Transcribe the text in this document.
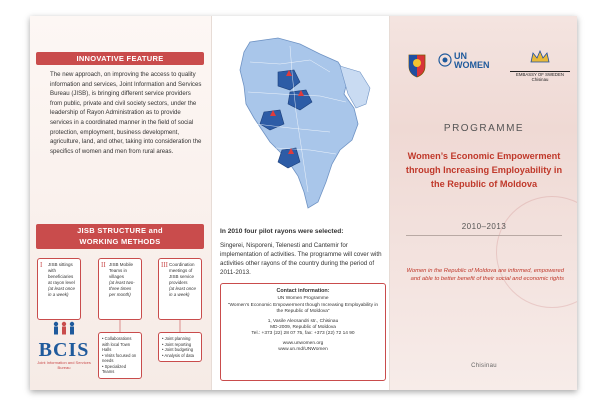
INNOVATIVE FEATURE
The new approach, on improving the access to quality information and services, Joint Information and Services Bureau (JISB), is bringing different service providers from public, private and civil society sectors, under the leadership of Rayon Administration as to provide services in a coordinated manner in the field of social protection, employment, business development, agriculture, land, and other, taking into consideration the specifics of women and men from rural areas.
JISB STRUCTURE and
WORKING METHODS
I JISB sittings with beneficiaries at rayon level
(at least once in a week)
II JISB Mobile Teams in villages
(at least two-three times per month)
III Coordination meetings of JISB service providers
(at least once in a week)
• Collaborations with local Town Halls
• Visits focused on needs
• Specialized Teams
• Joint planning
• Joint reporting
• Joint budgeting
• Analysis of data
BCIS
Joint Information and Services Bureau
In 2010 four pilot rayons were selected:
Singerei, Nisporeni, Telenesti and Cantemir for implementation of activities. The programme will cover with activities other rayons of the country during the period of 2011-2013.
Contact information:
UN Women Programme
“Women’s Economic Empowerment though Increasing Employability in the Republic of Moldova”
1, Vasile Alecsandri str., Chisinau
MD-2009, Republic of Moldova
Tel.: +373 (22) 28 07 75, fax: +373 (22) 72 14 90
www.unwomen.org
www.un.md/UNWomen
UN WOMEN
EMBASSY OF SWEDEN
Chisinau
PROGRAMME
Women’s Economic Empowerment through Increasing Employability in the Republic of Moldova
2010–2013
Women in the Republic of Moldova are informed, empowered and able to better benefit of their social and economic rights
Chisinau
